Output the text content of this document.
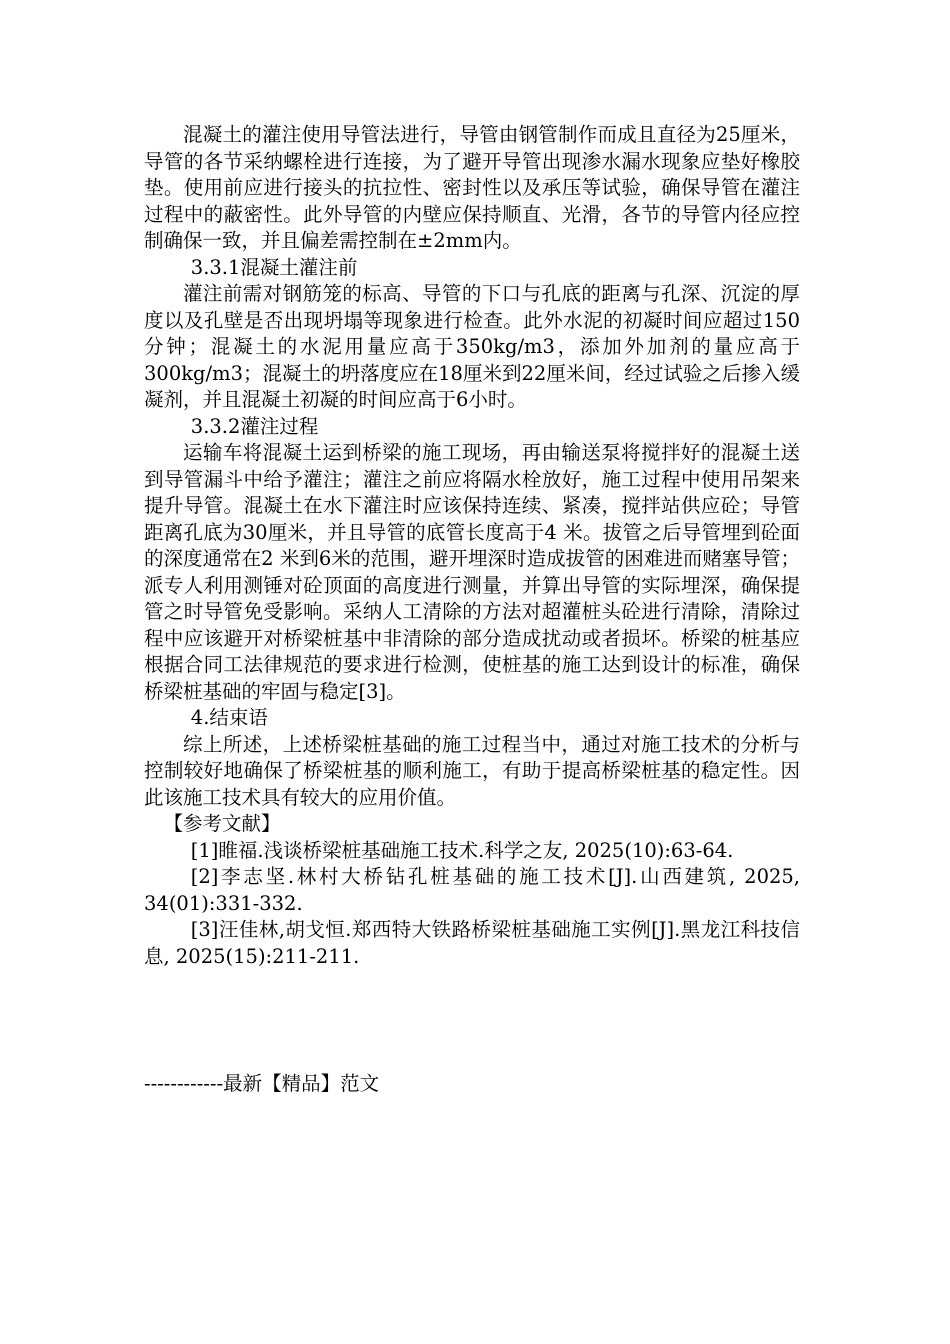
混凝土的灌注使用导管法进行，导管由钢管制作而成且直径为25厘米，导管的各节采纳螺栓进行连接，为了避开导管出现渗水漏水现象应垫好橡胶垫。使用前应进行接头的抗拉性、密封性以及承压等试验，确保导管在灌注过程中的蔽密性。此外导管的内壁应保持顺直、光滑，各节的导管内径应控制确保一致，并且偏差需控制在±2mm内。

3.3.1混凝土灌注前

灌注前需对钢筋笼的标高、导管的下口与孔底的距离与孔深、沉淀的厚度以及孔壁是否出现坍塌等现象进行检查。此外水泥的初凝时间应超过150分钟；混凝土的水泥用量应高于350kg/m3，添加外加剂的量应高于300kg/m3；混凝土的坍落度应在18厘米到22厘米间，经过试验之后掺入缓凝剂，并且混凝土初凝的时间应高于6小时。

3.3.2灌注过程

运输车将混凝土运到桥梁的施工现场，再由输送泵将搅拌好的混凝土送到导管漏斗中给予灌注；灌注之前应将隔水栓放好，施工过程中使用吊架来提升导管。混凝土在水下灌注时应该保持连续、紧凑，搅拌站供应砼；导管距离孔底为30厘米，并且导管的底管长度高于4 米。拔管之后导管埋到砼面的深度通常在2 米到6米的范围，避开埋深时造成拔管的困难进而赌塞导管；派专人利用测锤对砼顶面的高度进行测量，并算出导管的实际埋深，确保提管之时导管免受影响。采纳人工清除的方法对超灌桩头砼进行清除，清除过程中应该避开对桥梁桩基中非清除的部分造成扰动或者损坏。桥梁的桩基应根据合同工法律规范的要求进行检测，使桩基的施工达到设计的标准，确保桥梁桩基础的牢固与稳定[3]。

4.结束语

综上所述，上述桥梁桩基础的施工过程当中，通过对施工技术的分析与控制较好地确保了桥梁桩基的顺利施工，有助于提高桥梁桩基的稳定性。因此该施工技术具有较大的应用价值。

【参考文献】

[1]睢福.浅谈桥梁桩基础施工技术.科学之友, 2025(10):63-64.

[2]李志坚.林村大桥钻孔桩基础的施工技术[J].山西建筑, 2025, 34(01):331-332.

[3]汪佳林,胡戈恒.郑西特大铁路桥梁桩基础施工实例[J].黑龙江科技信息, 2025(15):211-211.

------------最新【精品】范文
